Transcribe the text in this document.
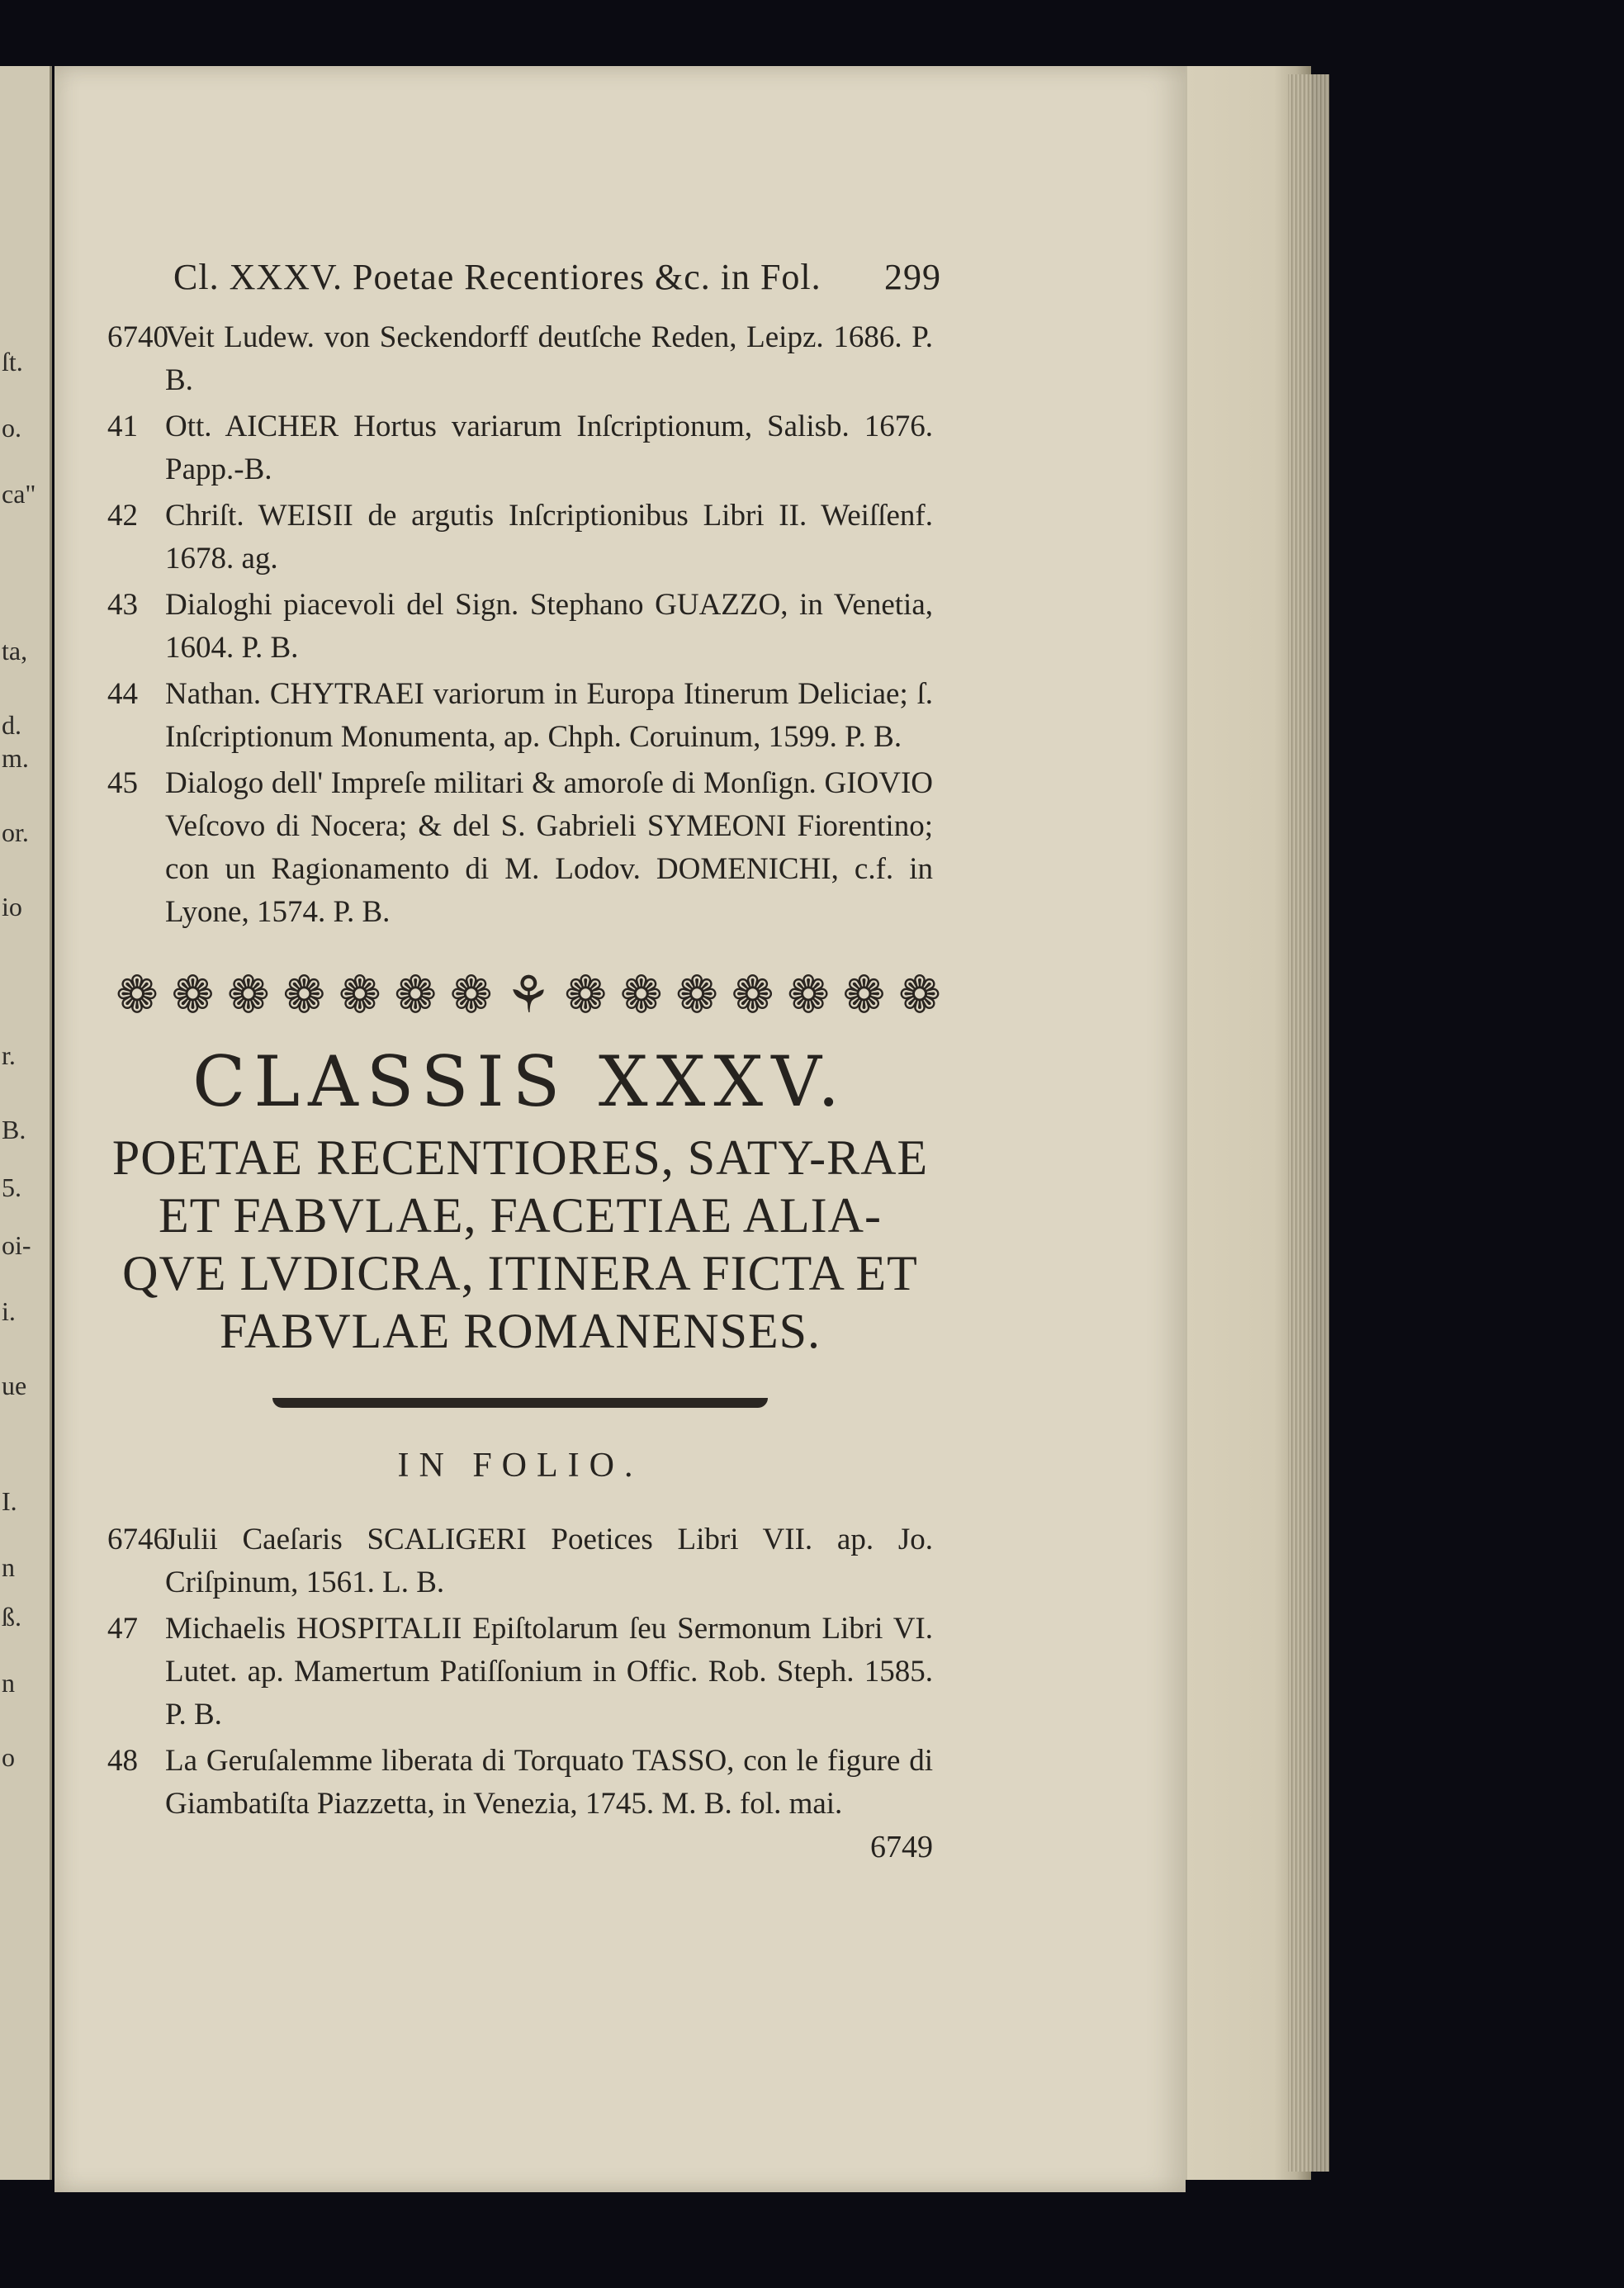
ſt.
o.
ca"
ta,
d.
m.
or.
io
r.
B.
5.
oi-
i.
ue
I.
n
ß.
n
o
Cl. XXXV. Poetae Recentiores &c. in Fol. 299
6740
Veit Ludew. von Seckendorff deutſche Reden, Leipz. 1686. P. B.
41 Ott. AICHER Hortus variarum Inſcriptionum, Salisb. 1676. Papp.-B.
42 Chriſt. WEISII de argutis Inſcriptionibus Libri II. Weiſſenf. 1678. ag.
43 Dialoghi piacevoli del Sign. Stephano GUAZZO, in Venetia, 1604. P. B.
44 Nathan. CHYTRAEI variorum in Europa Itinerum Deliciae; ſ. Inſcriptionum Monumenta, ap. Chph. Coruinum, 1599. P. B.
45 Dialogo dell' Impreſe militari & amoroſe di Monſign. GIOVIO Veſcovo di Nocera; & del S. Gabrieli SYMEONI Fiorentino; con un Ragionamento di M. Lodov. DOMENICHI, c.f. in Lyone, 1574. P. B.
❁ ❁ ❁ ❁ ❁ ❁ ❁ ⚘ ❁ ❁ ❁ ❁ ❁ ❁ ❁
CLASSIS XXXV.
POETAE RECENTIORES, SATY-RAE ET FABVLAE, FACETIAE ALIA-QVE LVDICRA, ITINERA FICTA ET FABVLAE ROMANENSES.
IN FOLIO.
6746
Julii Caeſaris SCALIGERI Poetices Libri VII. ap. Jo. Criſpinum, 1561. L. B.
47 Michaelis HOSPITALII Epiſtolarum ſeu Sermonum Libri VI. Lutet. ap. Mamertum Patiſſonium in Offic. Rob. Steph. 1585. P. B.
48 La Geruſalemme liberata di Torquato TASSO, con le figure di Giambatiſta Piazzetta, in Venezia, 1745. M. B. fol. mai.
6749
